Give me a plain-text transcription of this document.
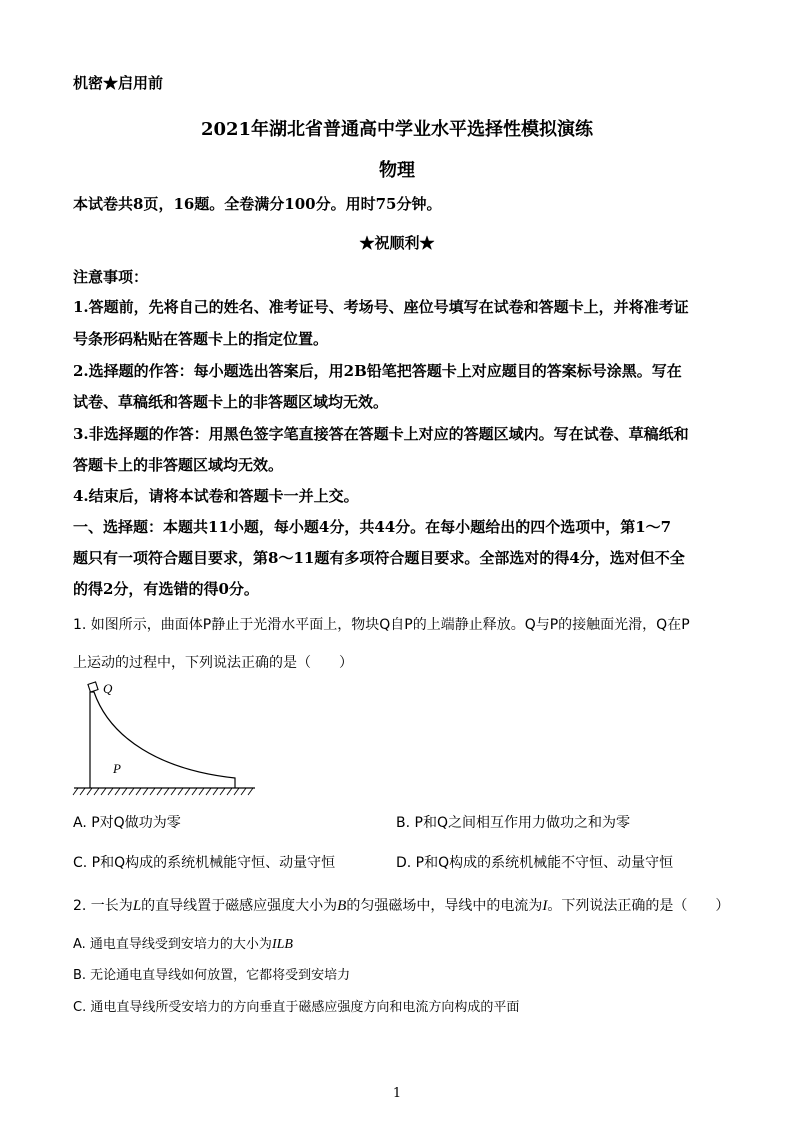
机密★启用前
2021年湖北省普通高中学业水平选择性模拟演练
物理
本试卷共8页，16题。全卷满分100分。用时75分钟。
★祝顺利★
注意事项：
1.答题前，先将自己的姓名、准考证号、考场号、座位号填写在试卷和答题卡上，并将准考证
号条形码粘贴在答题卡上的指定位置。
2.选择题的作答：每小题选出答案后，用2B铅笔把答题卡上对应题目的答案标号涂黑。写在
试卷、草稿纸和答题卡上的非答题区域均无效。
3.非选择题的作答：用黑色签字笔直接答在答题卡上对应的答题区域内。写在试卷、草稿纸和
答题卡上的非答题区域均无效。
4.结束后，请将本试卷和答题卡一并上交。
一、选择题：本题共11小题，每小题4分，共44分。在每小题给出的四个选项中，第1～7
题只有一项符合题目要求，第8～11题有多项符合题目要求。全部选对的得4分，选对但不全
的得2分，有选错的得0分。
1. 如图所示，曲面体P静止于光滑水平面上，物块Q自P的上端静止释放。Q与P的接触面光滑，Q在P
上运动的过程中，下列说法正确的是（　　）
Q
P
A. P对Q做功为零	B. P和Q之间相互作用力做功之和为零
C. P和Q构成的系统机械能守恒、动量守恒	D. P和Q构成的系统机械能不守恒、动量守恒
2. 一长为L的直导线置于磁感应强度大小为B的匀强磁场中，导线中的电流为I。下列说法正确的是（　　）
A. 通电直导线受到安培力的大小为ILB
B. 无论通电直导线如何放置，它都将受到安培力
C. 通电直导线所受安培力的方向垂直于磁感应强度方向和电流方向构成的平面
1
